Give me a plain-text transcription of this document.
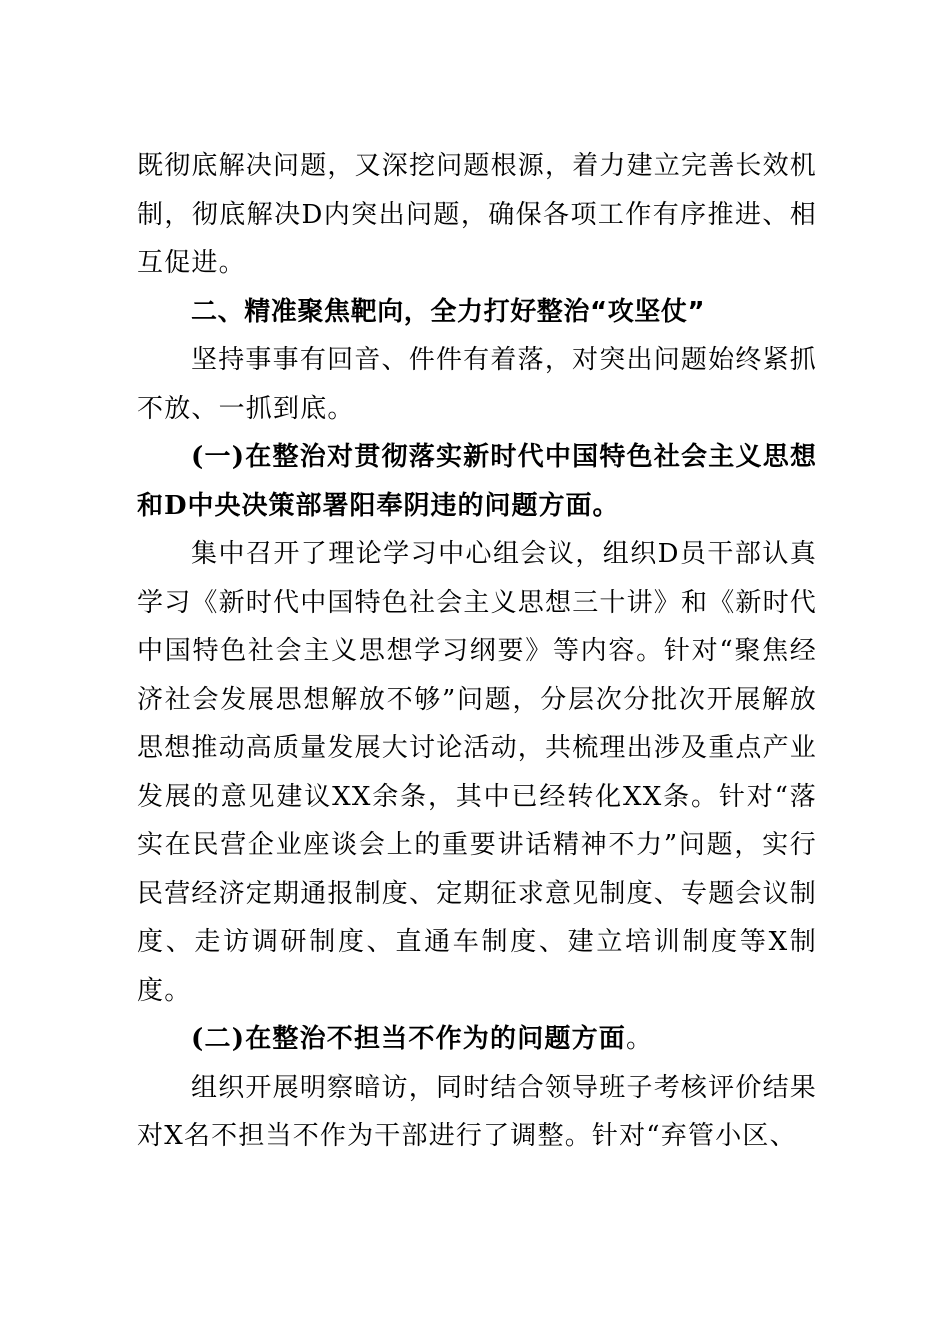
既彻底解决问题，又深挖问题根源，着力建立完善长效机制，彻底解决D内突出问题，确保各项工作有序推进、相互促进。

二、精准聚焦靶向，全力打好整治“攻坚仗”

坚持事事有回音、件件有着落，对突出问题始终紧抓不放、一抓到底。

(一)在整治对贯彻落实新时代中国特色社会主义思想和D中央决策部署阳奉阴违的问题方面。

集中召开了理论学习中心组会议，组织D员干部认真学习《新时代中国特色社会主义思想三十讲》和《新时代中国特色社会主义思想学习纲要》等内容。针对“聚焦经济社会发展思想解放不够”问题，分层次分批次开展解放思想推动高质量发展大讨论活动，共梳理出涉及重点产业发展的意见建议XX余条，其中已经转化XX条。针对“落实在民营企业座谈会上的重要讲话精神不力”问题，实行民营经济定期通报制度、定期征求意见制度、专题会议制度、走访调研制度、直通车制度、建立培训制度等X制度。

(二)在整治不担当不作为的问题方面。

组织开展明察暗访，同时结合领导班子考核评价结果对X名不担当不作为干部进行了调整。针对“弃管小区、
